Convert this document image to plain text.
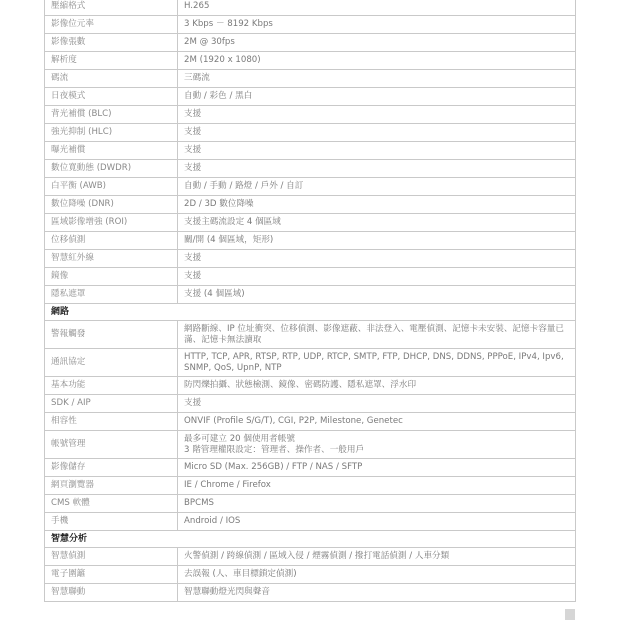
壓縮格式	H.265
影像位元率	3 Kbps － 8192 Kbps
影像張數	2M @ 30fps
解析度	2M (1920 x 1080)
碼流	三碼流
日夜模式	自動 / 彩色 / 黑白
背光補償 (BLC)	支援
強光抑制 (HLC)	支援
曝光補償	支援
數位寬動態 (DWDR)	支援
白平衡 (AWB)	自動 / 手動 / 路燈 / 戶外 / 自訂
數位降噪 (DNR)	2D / 3D 數位降噪
區域影像增強 (ROI)	支援主碼流設定 4 個區域
位移偵測	關/開 (4 個區域，矩形)
智慧紅外線	支援
鏡像	支援
隱私遮罩	支援 (4 個區域)
網路	
警報觸發	網路斷線、IP 位址衝突、位移偵測、影像遮蔽、非法登入、電壓偵測、記憶卡未安裝、記憶卡容量已滿、記憶卡無法讀取
通訊協定	HTTP, TCP, APR, RTSP, RTP, UDP, RTCP, SMTP, FTP, DHCP, DNS, DDNS, PPPoE, IPv4, Ipv6, SNMP, QoS, UpnP, NTP
基本功能	防閃爍拍攝、狀態檢測、鏡像、密碼防護、隱私遮罩、浮水印
SDK / AIP	支援
相容性	ONVIF (Profile S/G/T), CGI, P2P, Milestone, Genetec
帳號管理	最多可建立 20 個使用者帳號
3 階管理權限設定：管理者、操作者、一般用戶

影像儲存	Micro SD (Max. 256GB) / FTP / NAS / SFTP
網頁瀏覽器	IE / Chrome / Firefox
CMS 軟體	BPCMS
手機	Android / IOS
智慧分析	
智慧偵測	火警偵測 / 跨線偵測 / 區域入侵 / 煙霧偵測 / 撥打電話偵測 / 人車分類
電子圍籬	去誤報 (人、車目標鎖定偵測)
智慧聯動	智慧聯動燈光閃與聲音
